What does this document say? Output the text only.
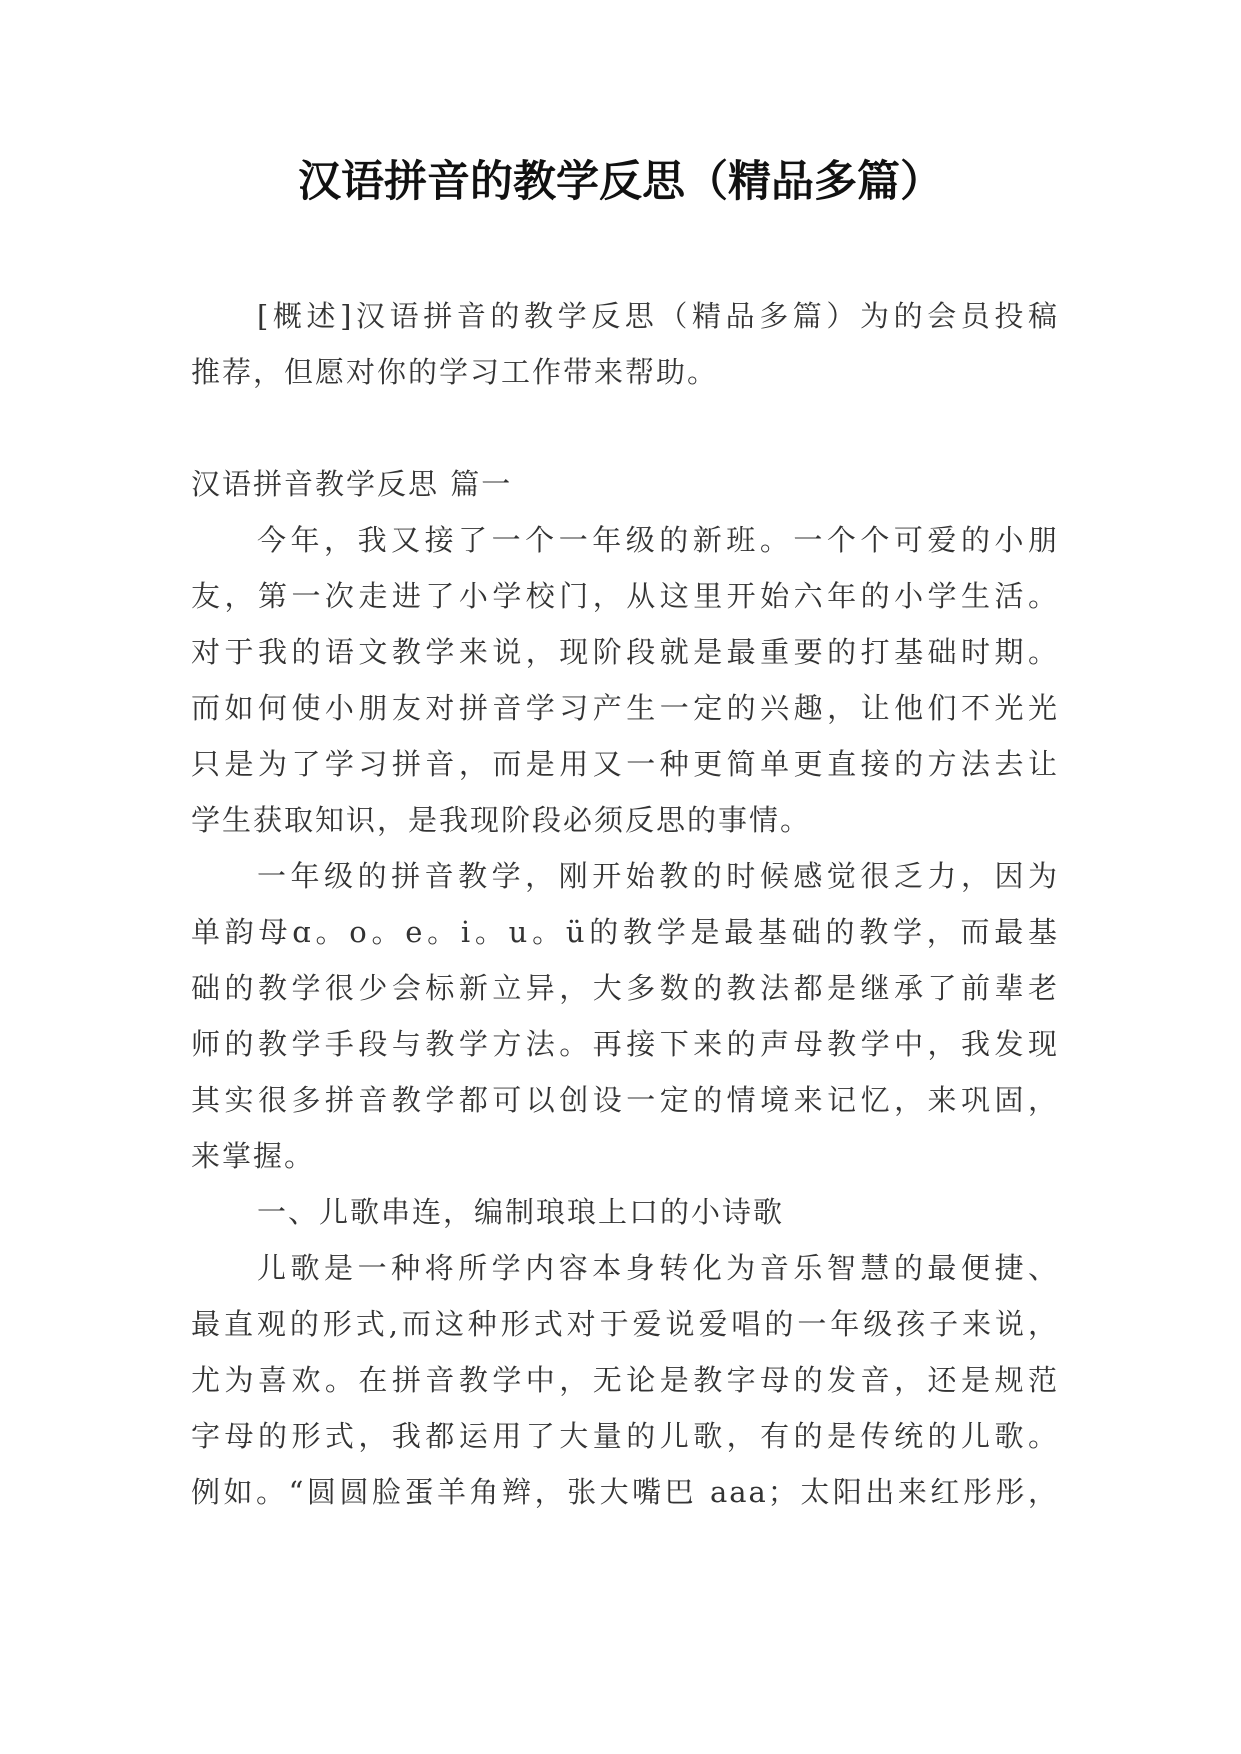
汉语拼音的教学反思（精品多篇）
[概述]汉语拼音的教学反思（精品多篇）为的会员投稿
推荐，但愿对你的学习工作带来帮助。
汉语拼音教学反思 篇一
今年，我又接了一个一年级的新班。一个个可爱的小朋
友，第一次走进了小学校门，从这里开始六年的小学生活。
对于我的语文教学来说，现阶段就是最重要的打基础时期。
而如何使小朋友对拼音学习产生一定的兴趣，让他们不光光
只是为了学习拼音，而是用又一种更简单更直接的方法去让
学生获取知识，是我现阶段必须反思的事情。
一年级的拼音教学，刚开始教的时候感觉很乏力，因为
单韵母ɑ。o。e。i。u。ü的教学是最基础的教学，而最基
础的教学很少会标新立异，大多数的教法都是继承了前辈老
师的教学手段与教学方法。再接下来的声母教学中，我发现
其实很多拼音教学都可以创设一定的情境来记忆，来巩固，
来掌握。
一、儿歌串连，编制琅琅上口的小诗歌
儿歌是一种将所学内容本身转化为音乐智慧的最便捷、
最直观的形式,而这种形式对于爱说爱唱的一年级孩子来说，
尤为喜欢。在拼音教学中，无论是教字母的发音，还是规范
字母的形式，我都运用了大量的儿歌，有的是传统的儿歌。
例如。“圆圆脸蛋羊角辫，张大嘴巴 aaa；太阳出来红彤彤，
